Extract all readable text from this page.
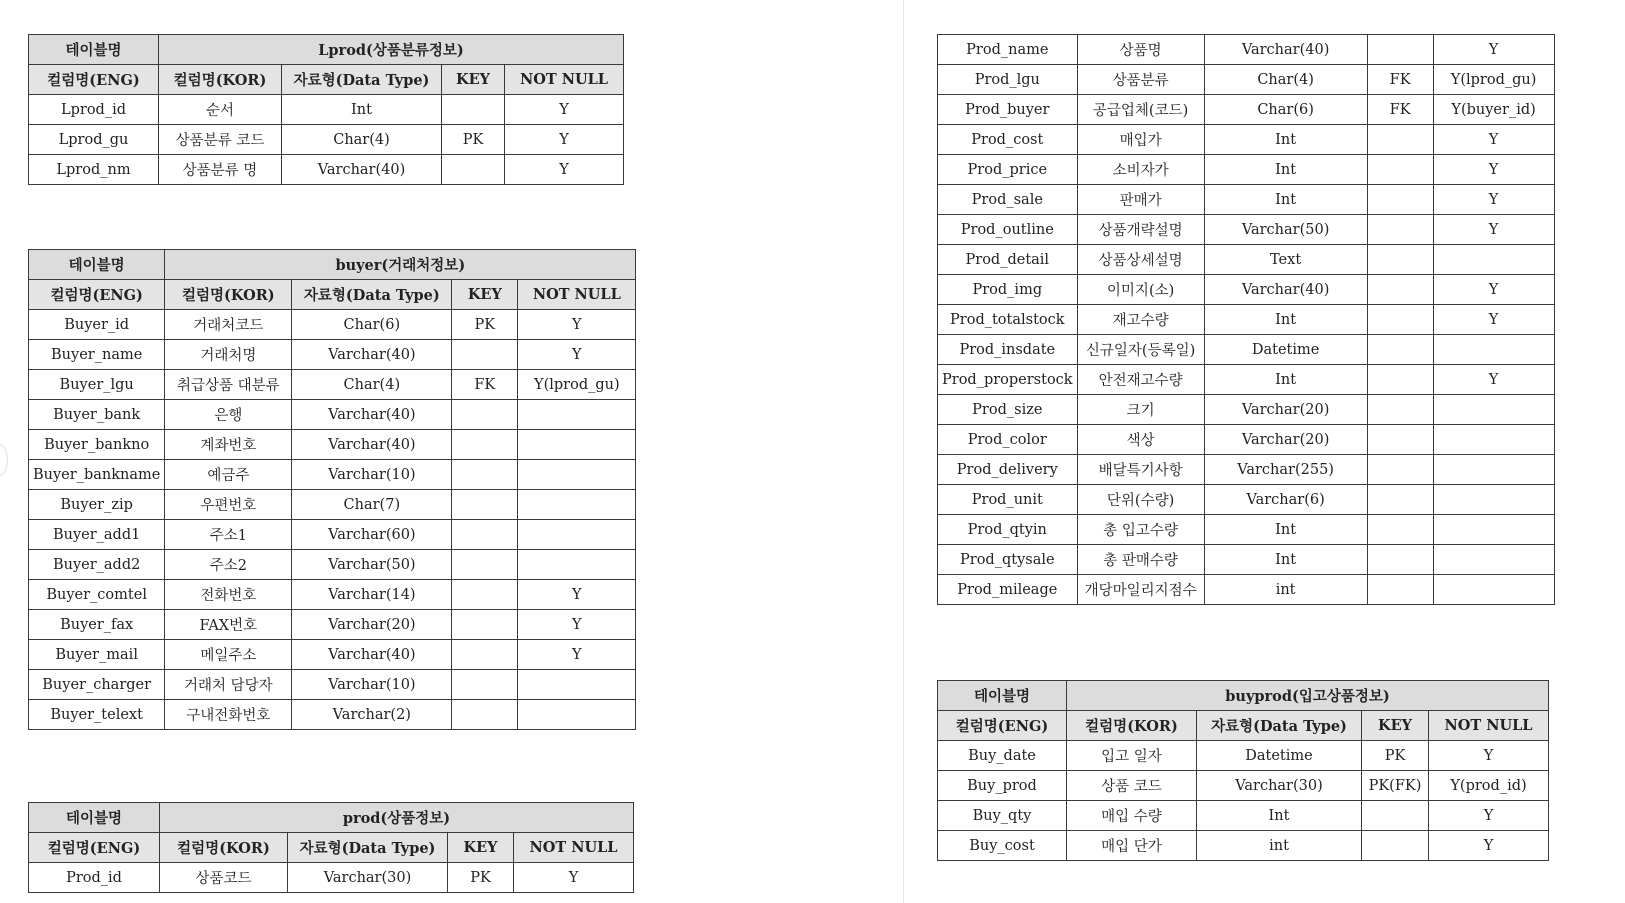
테이블명	Lprod(상품분류정보)			
컬럼명(ENG)	컬럼명(KOR)	자료형(Data Type)	KEY	NOT NULL
Lprod_id	순서	Int		Y
Lprod_gu	상품분류 코드	Char(4)	PK	Y
Lprod_nm	상품분류 명	Varchar(40)		Y
테이블명	buyer(거래처정보)			
컬럼명(ENG)	컬럼명(KOR)	자료형(Data Type)	KEY	NOT NULL
Buyer_id	거래처코드	Char(6)	PK	Y
Buyer_name	거래처명	Varchar(40)		Y
Buyer_lgu	취급상품 대분류	Char(4)	FK	Y(lprod_gu)
Buyer_bank	은행	Varchar(40)		
Buyer_bankno	계좌번호	Varchar(40)		
Buyer_bankname	예금주	Varchar(10)		
Buyer_zip	우편번호	Char(7)		
Buyer_add1	주소1	Varchar(60)		
Buyer_add2	주소2	Varchar(50)		
Buyer_comtel	전화번호	Varchar(14)		Y
Buyer_fax	FAX번호	Varchar(20)		Y
Buyer_mail	메일주소	Varchar(40)		Y
Buyer_charger	거래처 담당자	Varchar(10)		
Buyer_telext	구내전화번호	Varchar(2)		
테이블명	prod(상품정보)			
컬럼명(ENG)	컬럼명(KOR)	자료형(Data Type)	KEY	NOT NULL
Prod_id	상품코드	Varchar(30)	PK	Y
Prod_name	상품명	Varchar(40)		Y
Prod_lgu	상품분류	Char(4)	FK	Y(lprod_gu)
Prod_buyer	공급업체(코드)	Char(6)	FK	Y(buyer_id)
Prod_cost	매입가	Int		Y
Prod_price	소비자가	Int		Y
Prod_sale	판매가	Int		Y
Prod_outline	상품개략설명	Varchar(50)		Y
Prod_detail	상품상세설명	Text		
Prod_img	이미지(소)	Varchar(40)		Y
Prod_totalstock	재고수량	Int		Y
Prod_insdate	신규일자(등록일)	Datetime		
Prod_properstock	안전재고수량	Int		Y
Prod_size	크기	Varchar(20)		
Prod_color	색상	Varchar(20)		
Prod_delivery	배달특기사항	Varchar(255)		
Prod_unit	단위(수량)	Varchar(6)		
Prod_qtyin	총 입고수량	Int		
Prod_qtysale	총 판매수량	Int		
Prod_mileage	개당마일리지점수	int		
테이블명	buyprod(입고상품정보)			
컬럼명(ENG)	컬럼명(KOR)	자료형(Data Type)	KEY	NOT NULL
Buy_date	입고 일자	Datetime	PK	Y
Buy_prod	상품 코드	Varchar(30)	PK(FK)	Y(prod_id)
Buy_qty	매입 수량	Int		Y
Buy_cost	매입 단가	int		Y
